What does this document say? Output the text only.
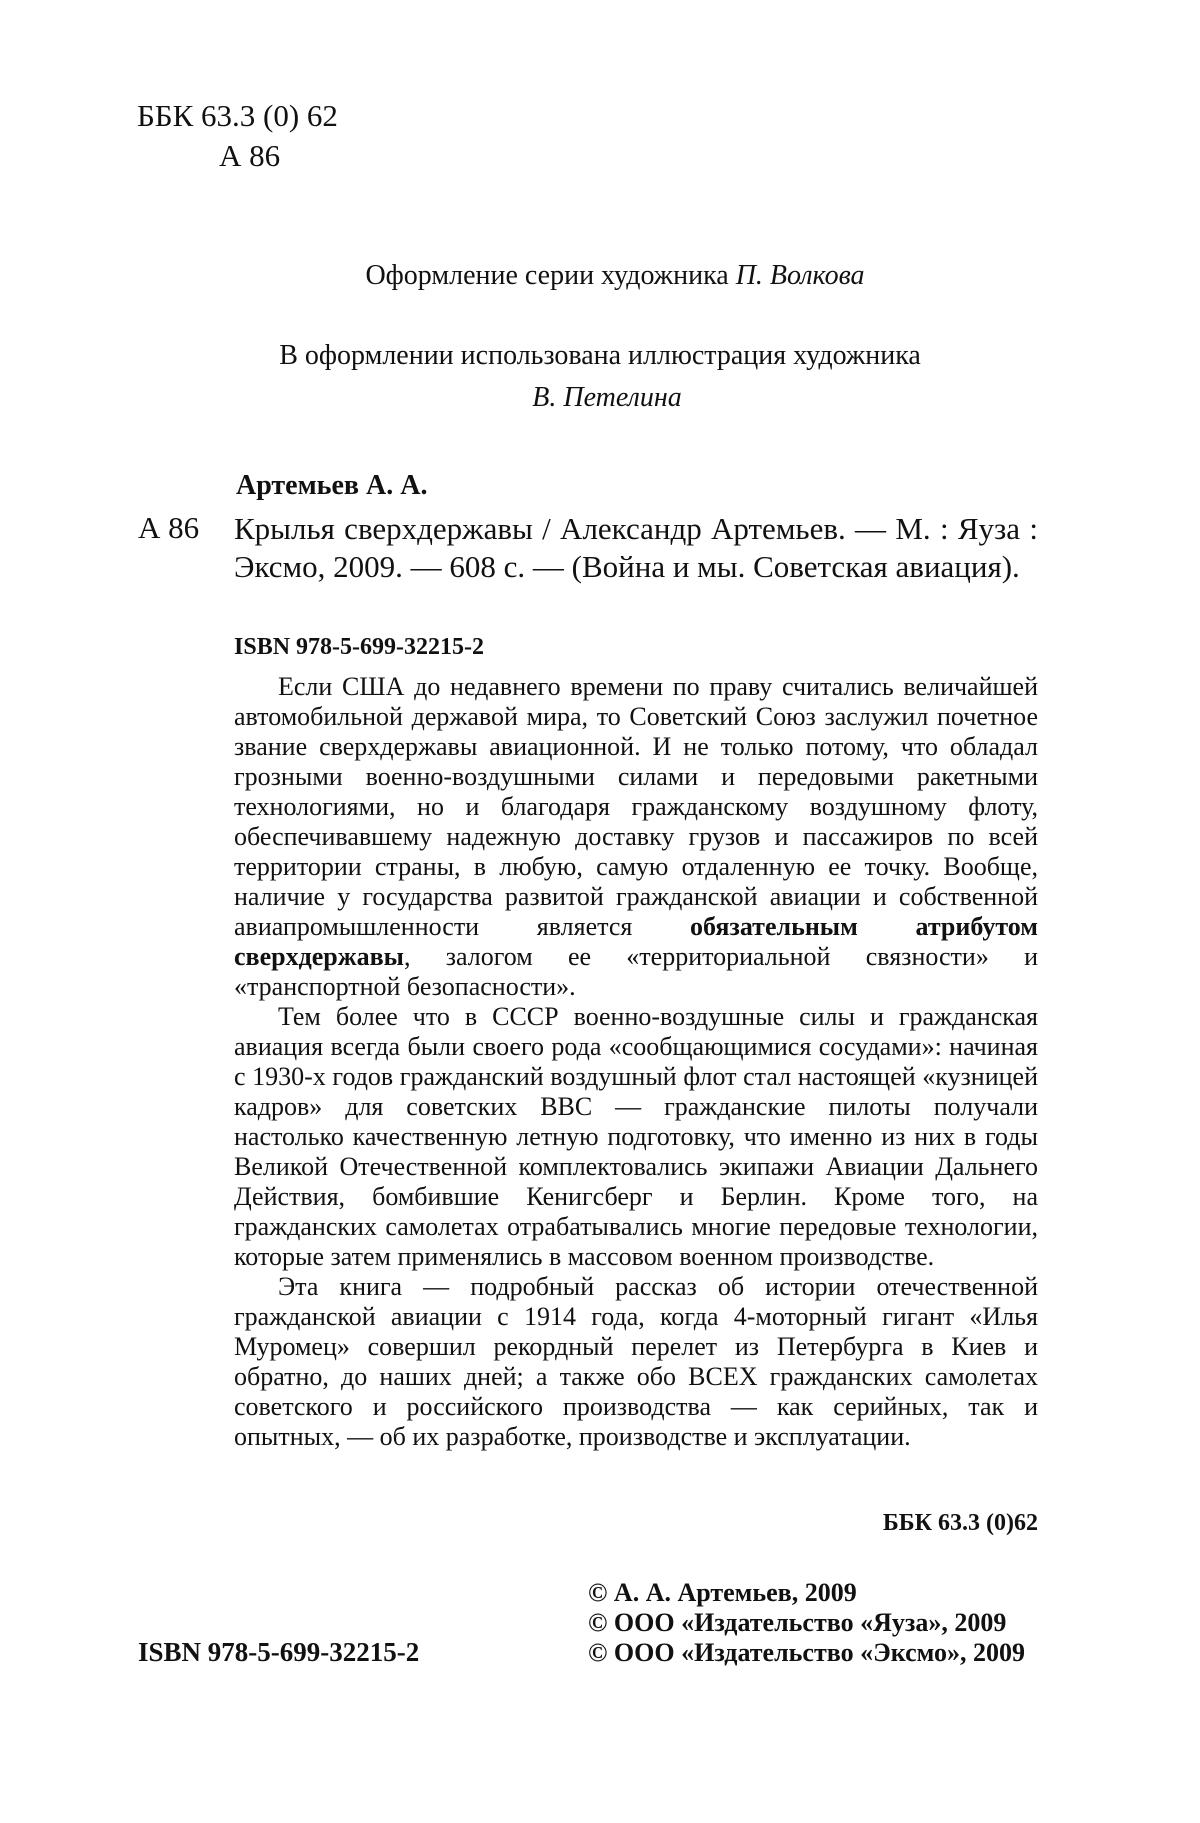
ББК 63.3 (0) 62
А 86
Оформление серии художника П. Волкова
В оформлении использована иллюстрация художника
В. Петелина
Артемьев А. А.
А 86 Крылья сверхдержавы / Александр Артемьев. — М. : Яуза : Эксмо, 2009. — 608 с. — (Война и мы. Советская авиация).
ISBN 978-5-699-32215-2

Если США до недавнего времени по праву считались величайшей автомобильной державой мира, то Советский Союз заслужил почетное звание сверхдержавы авиационной. И не только потому, что обладал грозными военно-воздушными силами и передовыми ракетными технологиями, но и благодаря гражданскому воздушному флоту, обеспечивавшему надежную доставку грузов и пассажиров по всей территории страны, в любую, самую отдаленную ее точку. Вообще, наличие у государства развитой гражданской авиации и собственной авиапромышленности является обязательным атрибутом сверхдержавы, залогом ее «территориальной связности» и «транспортной безопасности».

Тем более что в СССР военно-воздушные силы и гражданская авиация всегда были своего рода «сообщающимися сосудами»: начиная с 1930-х годов гражданский воздушный флот стал настоящей «кузницей кадров» для советских ВВС — гражданские пилоты получали настолько качественную летную подготовку, что именно из них в годы Великой Отечественной комплектовались экипажи Авиации Дальнего Действия, бомбившие Кенигсберг и Берлин. Кроме того, на гражданских самолетах отрабатывались многие передовые технологии, которые затем применялись в массовом военном производстве.

Эта книга — подробный рассказ об истории отечественной гражданской авиации с 1914 года, когда 4-моторный гигант «Илья Муромец» совершил рекордный перелет из Петербурга в Киев и обратно, до наших дней; а также обо ВСЕХ гражданских самолетах советского и российского производства — как серийных, так и опытных, — об их разработке, производстве и эксплуатации.

ББК 63.3 (0)62
© А. А. Артемьев, 2009
© ООО «Издательство «Яуза», 2009
© ООО «Издательство «Эксмо», 2009
ISBN 978-5-699-32215-2
